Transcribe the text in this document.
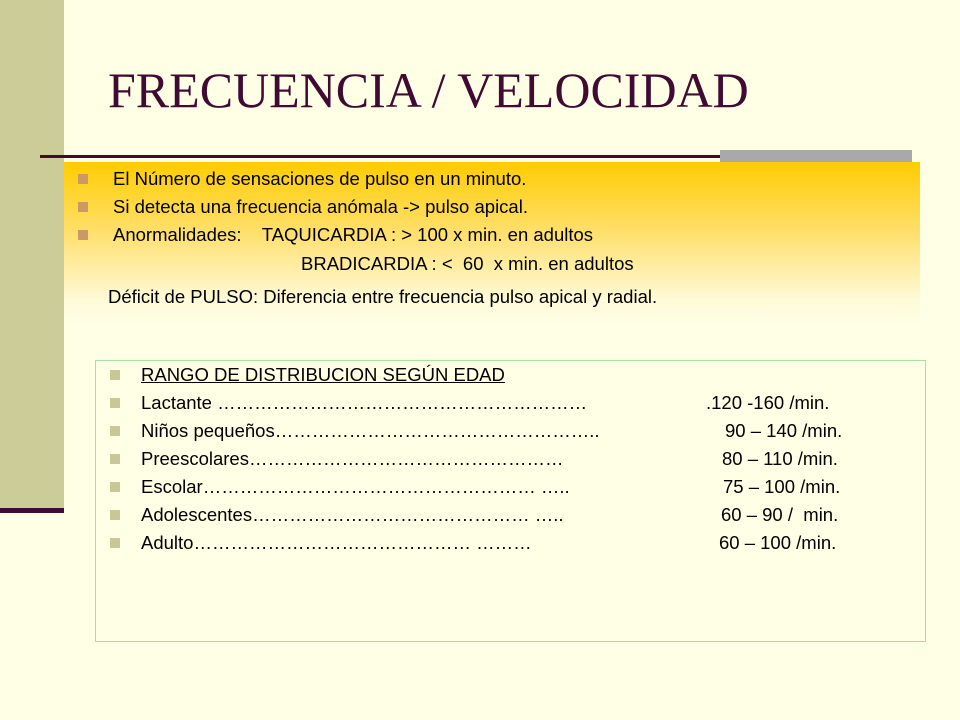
FRECUENCIA / VELOCIDAD
El Número de sensaciones de pulso en un minuto.
Si detecta una frecuencia anómala -> pulso apical.
Anormalidades:    TAQUICARDIA : > 100 x min. en adultos
BRADICARDIA : <  60  x min. en adultos
Déficit de PULSO: Diferencia entre frecuencia pulso apical y radial.
RANGO DE DISTRIBUCION SEGÚN EDAD
Lactante ……………………………………………………	.120 -160 /min.
Niños pequeños……………………………………………..	90 – 140 /min.
Preescolares……………………………………………	80 – 110 /min.
Escolar……………………………………………… …..	75 – 100 /min.
Adolescentes……………………………………… …..	60 – 90 /  min.
Adulto……………………………………… ………	60 – 100 /min.
